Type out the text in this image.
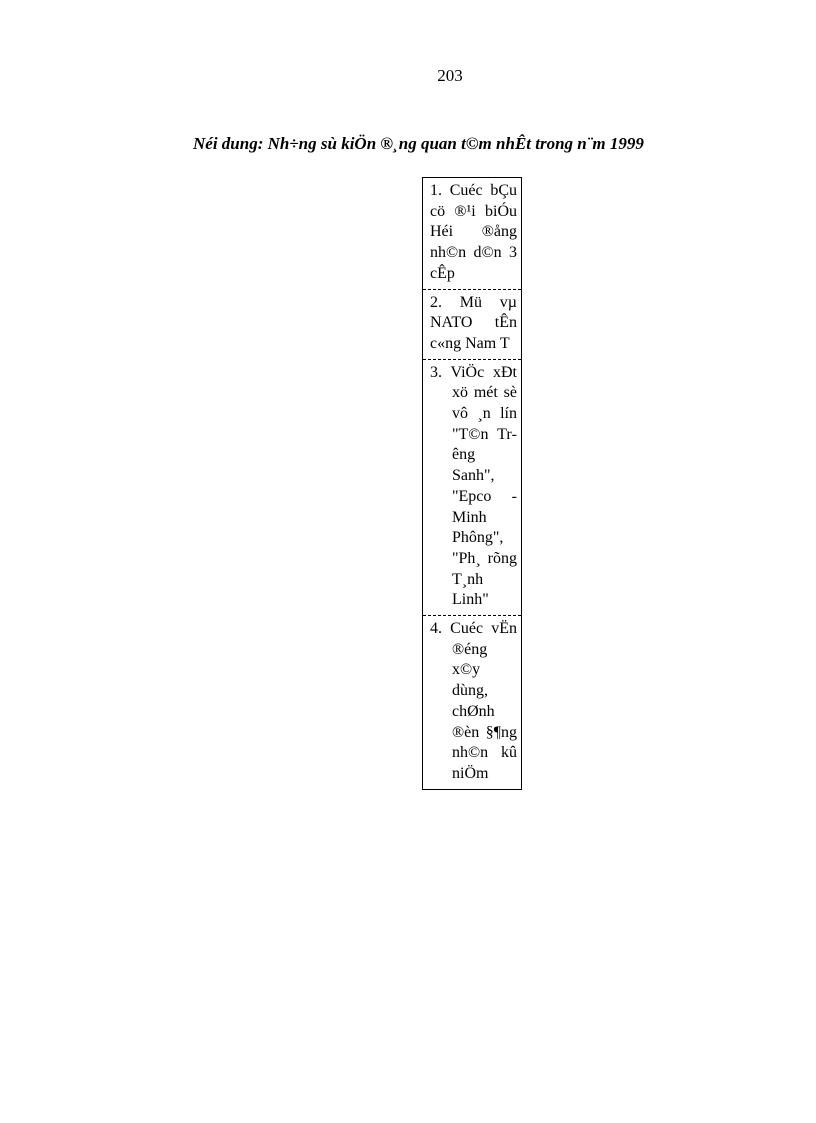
203
Néi dung: Nh÷ng sù kiÖn ®¸ng quan t©m nhÊt trong n¨m 1999
1. Cuéc bÇu cö ®¹i biÓu Héi ®ång nh©n d©n 3 cÊp
2. Mü vµ NATO tÊn c«ng Nam T
3. ViÖc xÐt xö mét sè vô ¸n lín "T©n Trêng Sanh", "Epco - Minh Phông", "Ph¸ rõng T¸nh Linh"
4. Cuéc vËn ®éng x©y dùng, chØnh ®èn §¶ng nh©n kû niÖm
